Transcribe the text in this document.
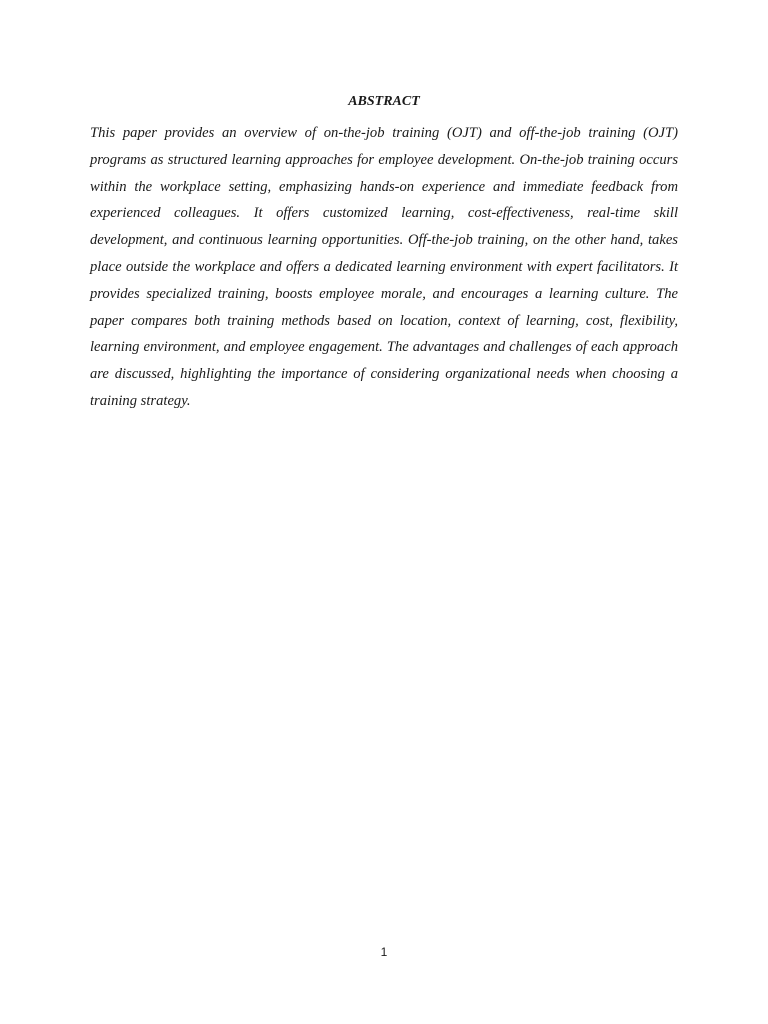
ABSTRACT

This paper provides an overview of on-the-job training (OJT) and off-the-job training (OJT) programs as structured learning approaches for employee development. On-the-job training occurs within the workplace setting, emphasizing hands-on experience and immediate feedback from experienced colleagues. It offers customized learning, cost-effectiveness, real-time skill development, and continuous learning opportunities. Off-the-job training, on the other hand, takes place outside the workplace and offers a dedicated learning environment with expert facilitators. It provides specialized training, boosts employee morale, and encourages a learning culture. The paper compares both training methods based on location, context of learning, cost, flexibility, learning environment, and employee engagement. The advantages and challenges of each approach are discussed, highlighting the importance of considering organizational needs when choosing a training strategy.

1
